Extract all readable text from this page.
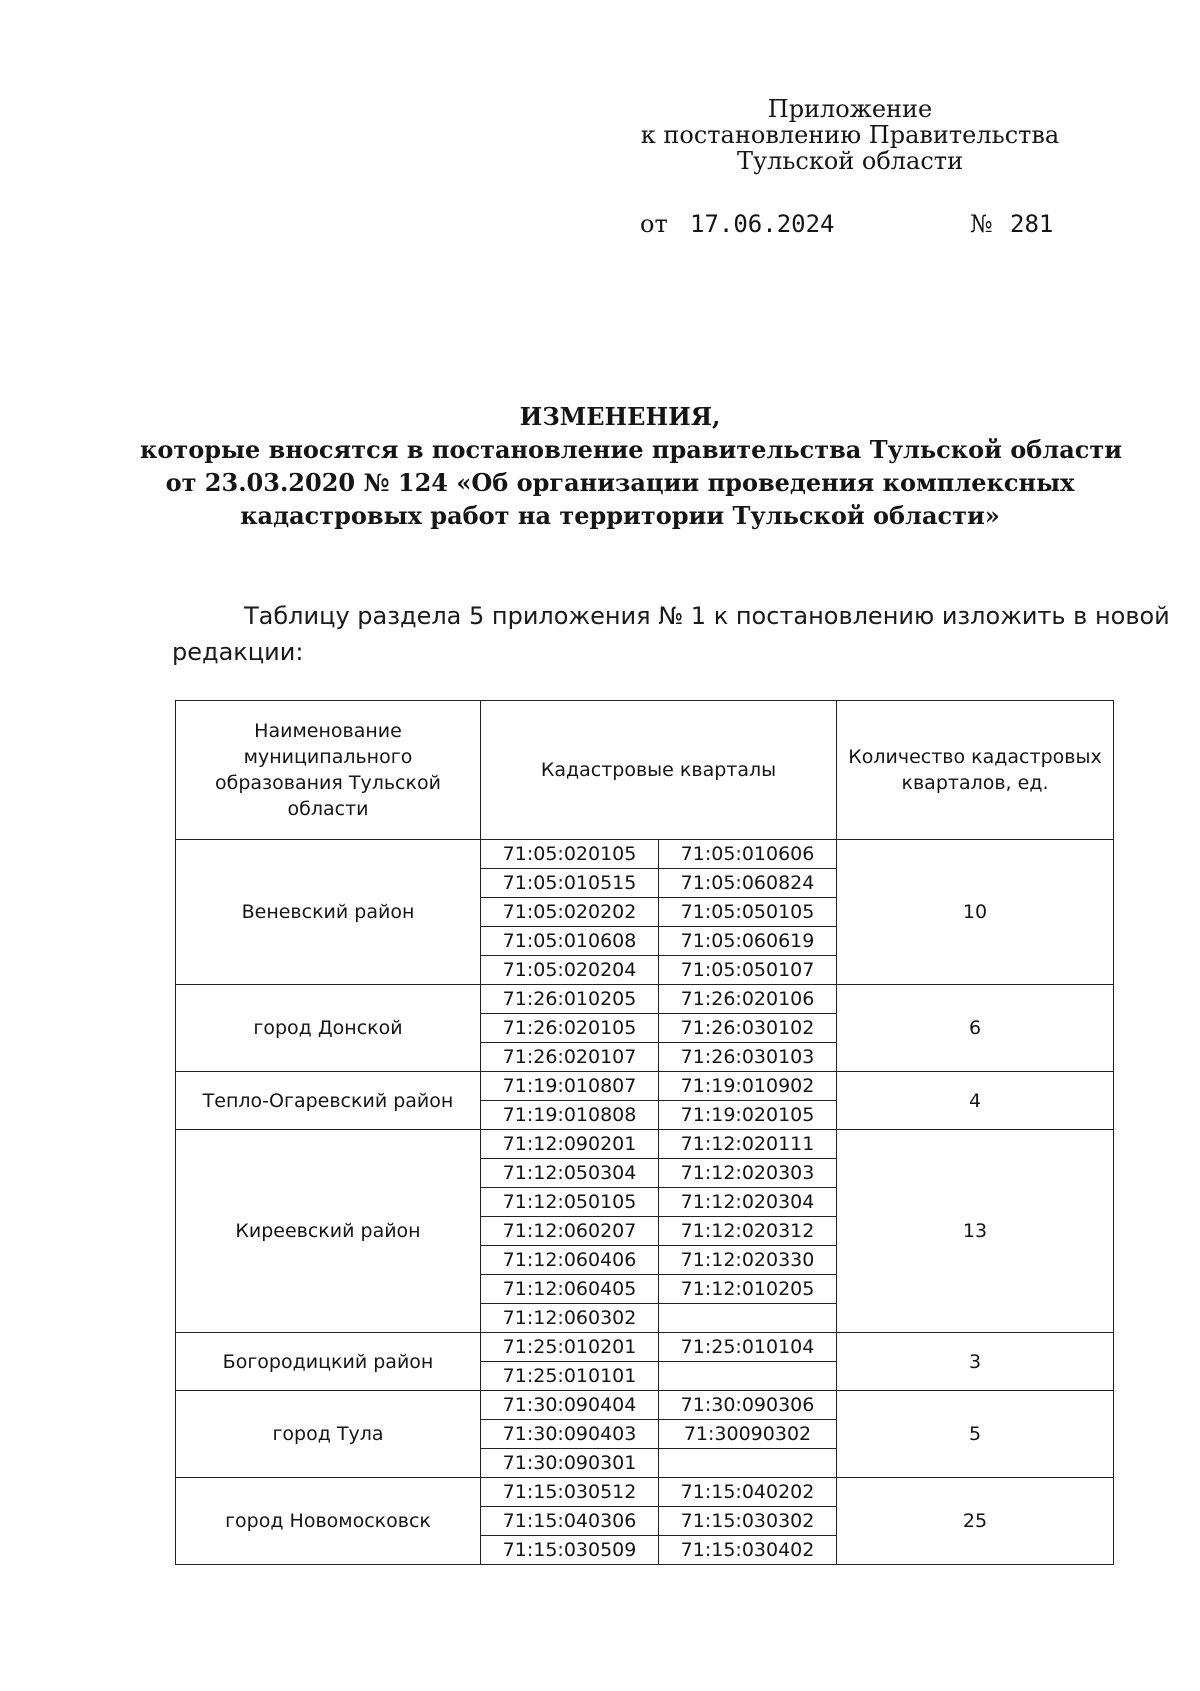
Приложение
к постановлению Правительства
Тульской области
от 17.06.2024	№ 281
ИЗМЕНЕНИЯ,
которые вносятся в постановление правительства Тульской области
от 23.03.2020 № 124 «Об организации проведения комплексных
кадастровых работ на территории Тульской области»
Таблицу раздела 5 приложения № 1 к постановлению изложить в новой
редакции:
Наименование муниципального образования Тульской области	Кадастровые кварталы		Количество кадастровых кварталов, ед.
Веневский район	71:05:020105	71:05:010606	10
	71:05:010515	71:05:060824	
	71:05:020202	71:05:050105	
	71:05:010608	71:05:060619	
	71:05:020204	71:05:050107	
город Донской	71:26:010205	71:26:020106	6
	71:26:020105	71:26:030102	
	71:26:020107	71:26:030103	
Тепло-Огаревский район	71:19:010807	71:19:010902	4
	71:19:010808	71:19:020105	
Киреевский район	71:12:090201	71:12:020111	13
	71:12:050304	71:12:020303	
	71:12:050105	71:12:020304	
	71:12:060207	71:12:020312	
	71:12:060406	71:12:020330	
	71:12:060405	71:12:010205	
	71:12:060302		
Богородицкий район	71:25:010201	71:25:010104	3
	71:25:010101		
город Тула	71:30:090404	71:30:090306	5
	71:30:090403	71:30090302	
	71:30:090301		
город Новомосковск	71:15:030512	71:15:040202	25
	71:15:040306	71:15:030302	
	71:15:030509	71:15:030402	
